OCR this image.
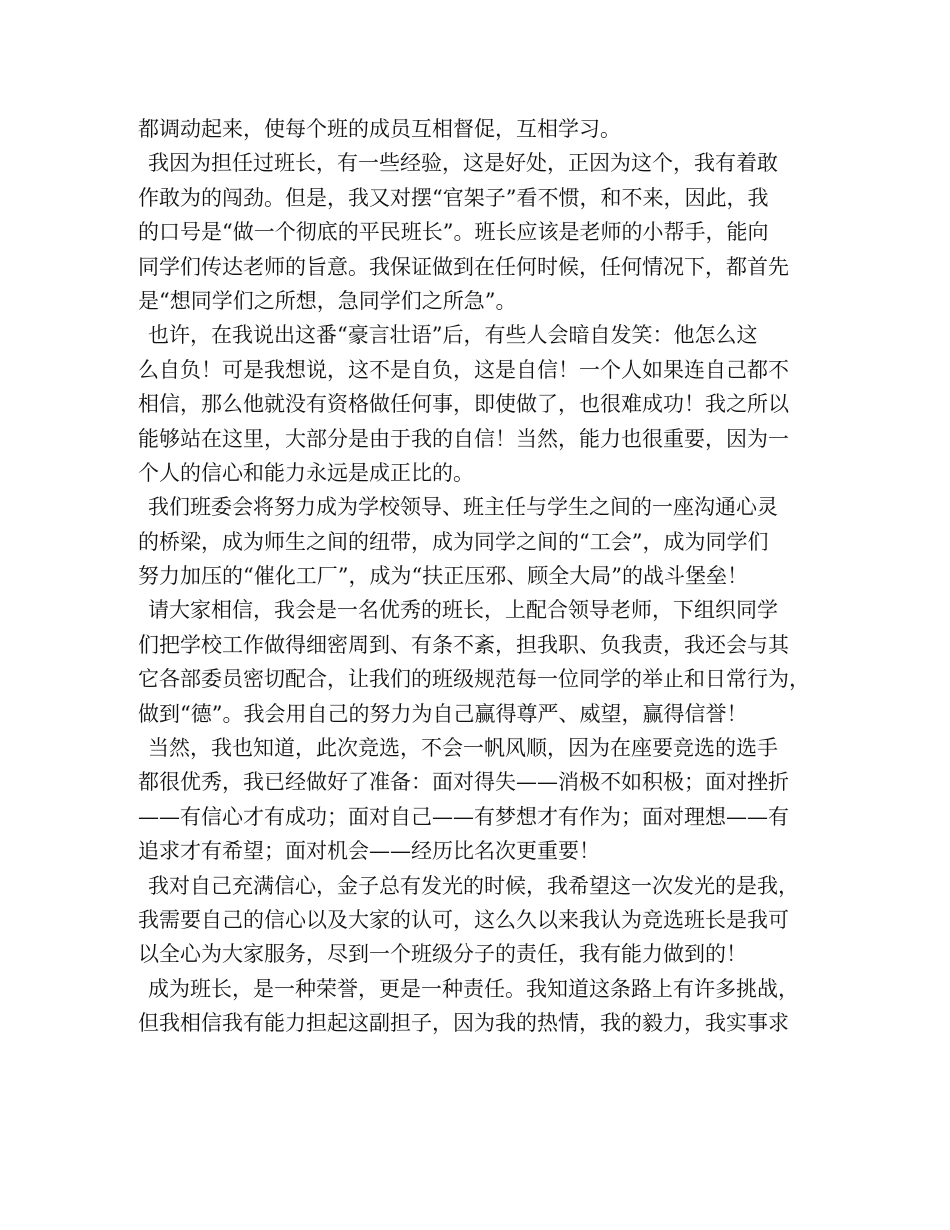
都调动起来，使每个班的成员互相督促，互相学习。
我因为担任过班长，有一些经验，这是好处，正因为这个，我有着敢
作敢为的闯劲。但是，我又对摆“官架子”看不惯，和不来，因此，我
的口号是“做一个彻底的平民班长”。班长应该是老师的小帮手，能向
同学们传达老师的旨意。我保证做到在任何时候，任何情况下，都首先
是“想同学们之所想，急同学们之所急”。
也许，在我说出这番“豪言壮语”后，有些人会暗自发笑：他怎么这
么自负！可是我想说，这不是自负，这是自信！一个人如果连自己都不
相信，那么他就没有资格做任何事，即使做了，也很难成功！我之所以
能够站在这里，大部分是由于我的自信！当然，能力也很重要，因为一
个人的信心和能力永远是成正比的。
我们班委会将努力成为学校领导、班主任与学生之间的一座沟通心灵
的桥梁，成为师生之间的纽带，成为同学之间的“工会”，成为同学们
努力加压的“催化工厂”，成为“扶正压邪、顾全大局”的战斗堡垒！
请大家相信，我会是一名优秀的班长，上配合领导老师，下组织同学
们把学校工作做得细密周到、有条不紊，担我职、负我责，我还会与其
它各部委员密切配合，让我们的班级规范每一位同学的举止和日常行为，
做到“德”。我会用自己的努力为自己赢得尊严、威望，赢得信誉！
当然，我也知道，此次竞选，不会一帆风顺，因为在座要竞选的选手
都很优秀，我已经做好了准备：面对得失——消极不如积极；面对挫折
——有信心才有成功；面对自己——有梦想才有作为；面对理想——有
追求才有希望；面对机会——经历比名次更重要！
我对自己充满信心，金子总有发光的时候，我希望这一次发光的是我，
我需要自己的信心以及大家的认可，这么久以来我认为竞选班长是我可
以全心为大家服务，尽到一个班级分子的责任，我有能力做到的！
成为班长，是一种荣誉，更是一种责任。我知道这条路上有许多挑战，
但我相信我有能力担起这副担子，因为我的热情，我的毅力，我实事求
